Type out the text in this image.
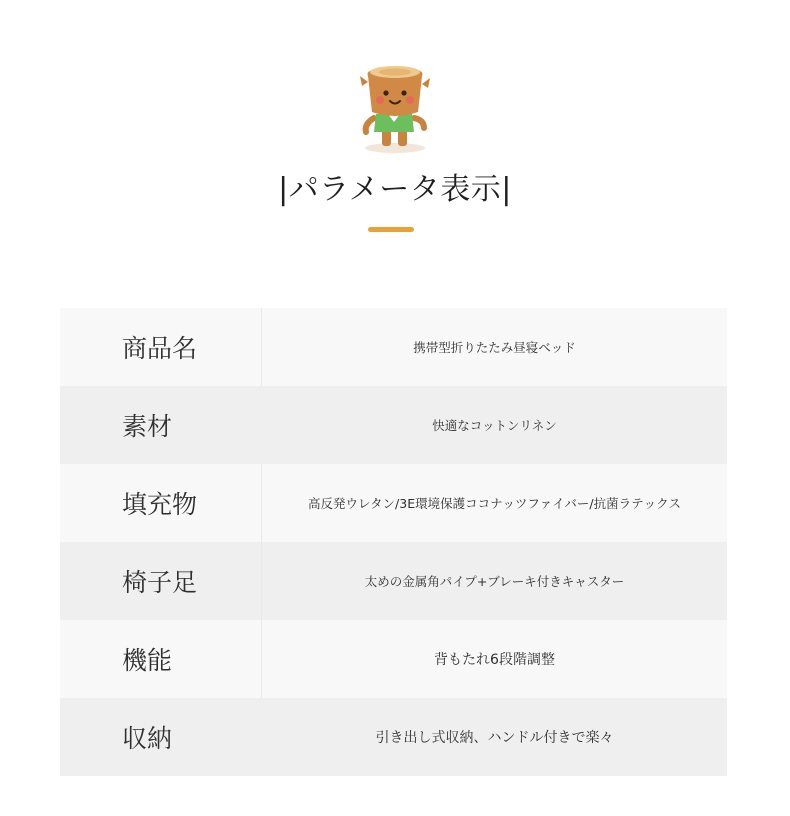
|パラメータ表示|
商品名	携帯型折りたたみ昼寝ベッド
素材	快適なコットンリネン
填充物	高反発ウレタン/3E環境保護ココナッツファイバー/抗菌ラテックス
椅子足	太めの金属角パイプ+ブレーキ付きキャスター
機能	背もたれ6段階調整
収納	引き出し式収納、ハンドル付きで楽々
